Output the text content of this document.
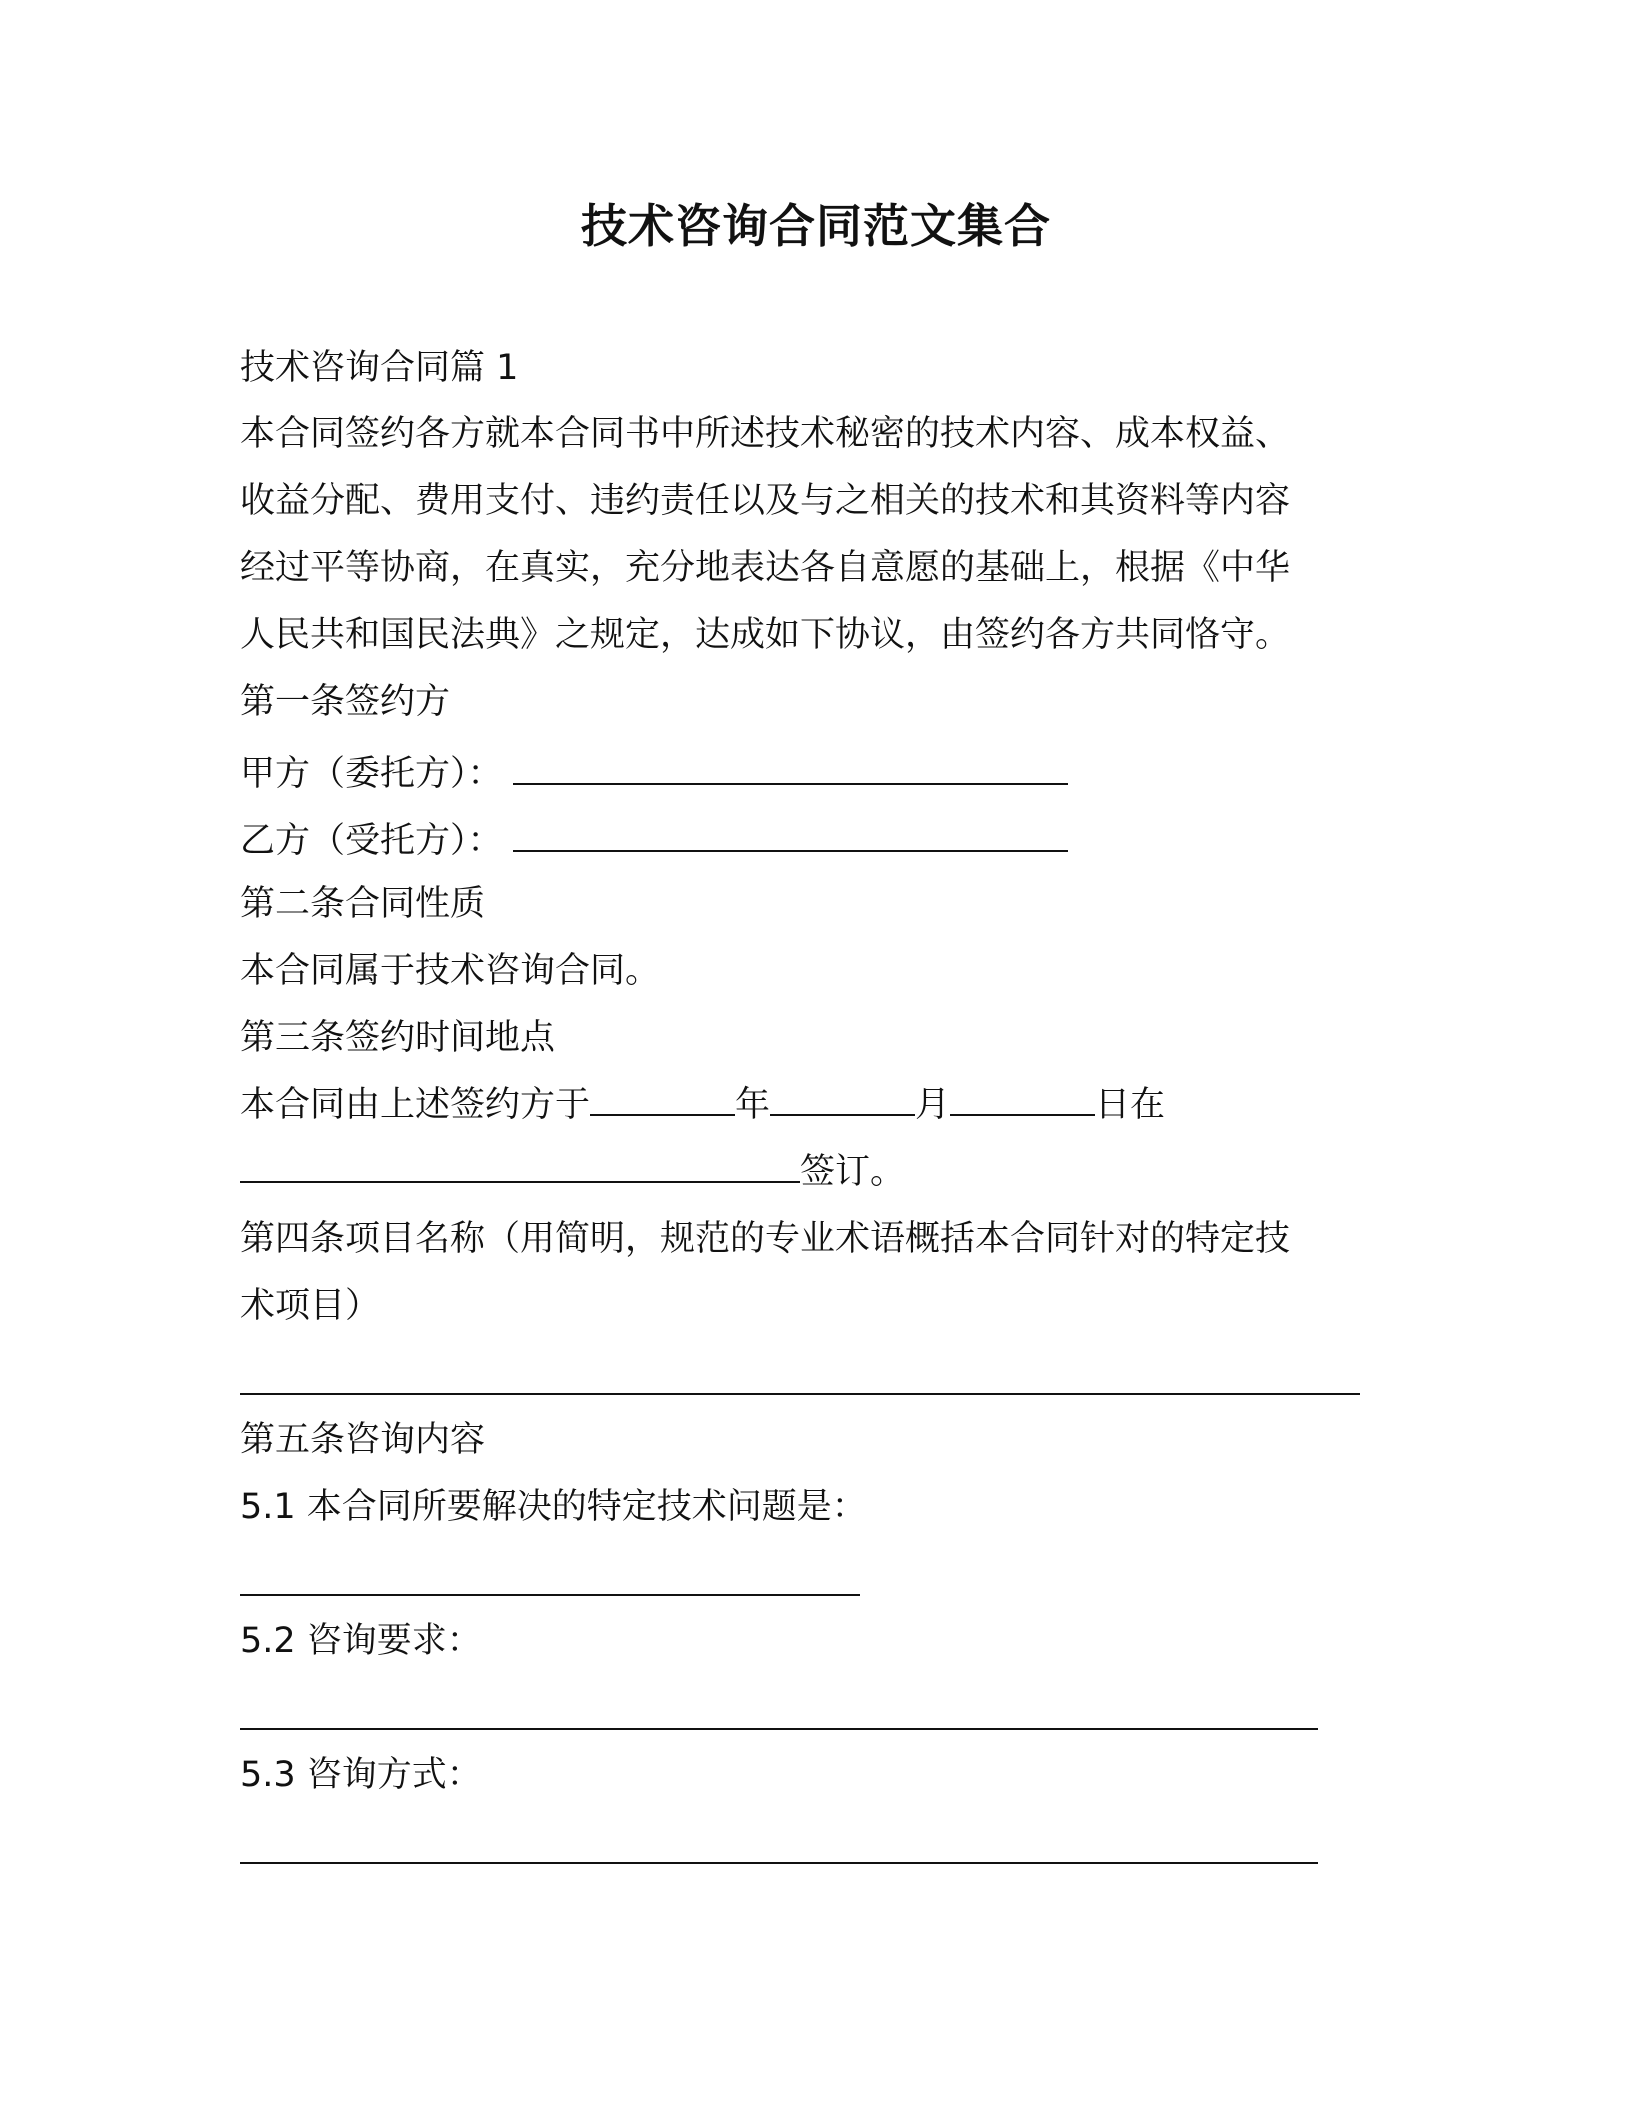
技术咨询合同范文集合
技术咨询合同篇 1
本合同签约各方就本合同书中所述技术秘密的技术内容、成本权益、
收益分配、费用支付、违约责任以及与之相关的技术和其资料等内容
经过平等协商，在真实，充分地表达各自意愿的基础上，根据《中华
人民共和国民法典》之规定，达成如下协议，由签约各方共同恪守。
第一条签约方
甲方（委托方）：
乙方（受托方）：
第二条合同性质
本合同属于技术咨询合同。
第三条签约时间地点
本合同由上述签约方于	年	月	日在
签订。
第四条项目名称（用简明，规范的专业术语概括本合同针对的特定技
术项目）
第五条咨询内容
5.1 本合同所要解决的特定技术问题是：
5.2 咨询要求：
5.3 咨询方式：
